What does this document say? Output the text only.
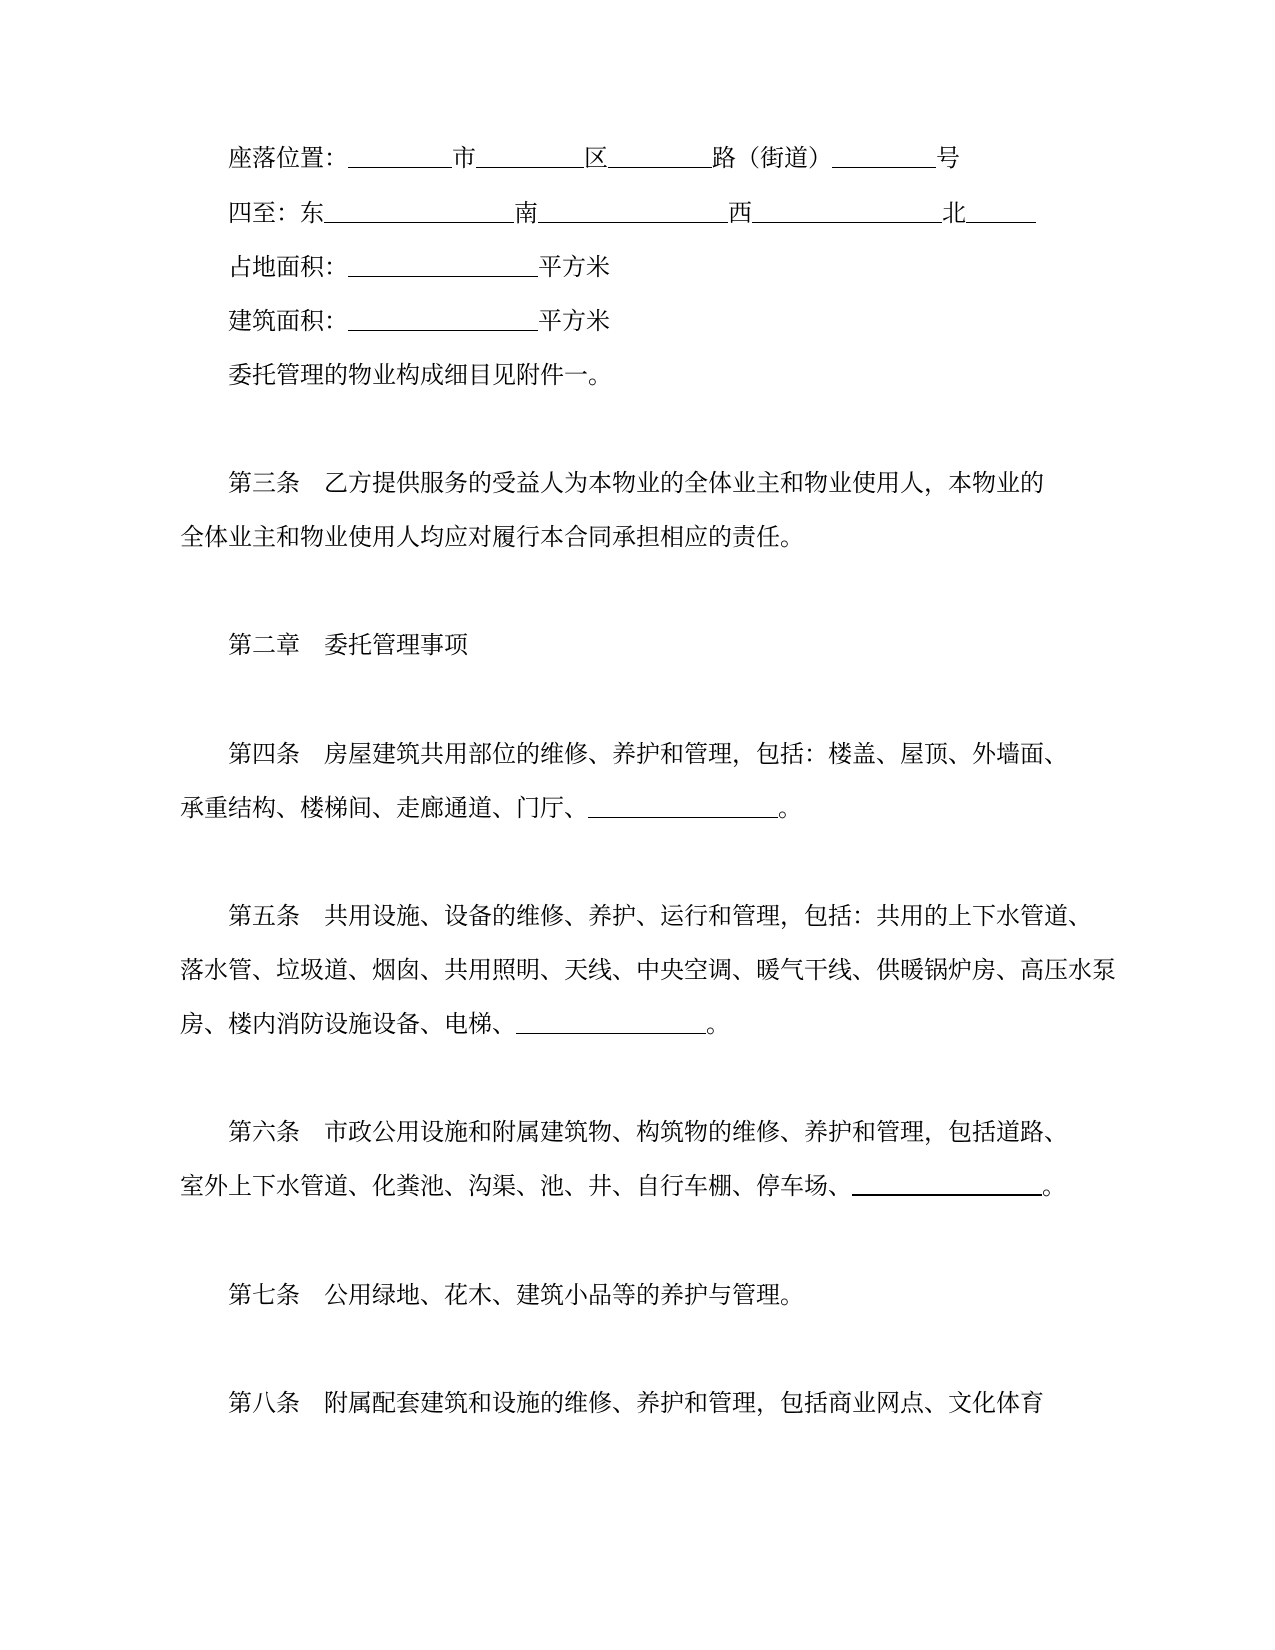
座落位置：	市	区	路（街道）	号
四至：东	南	西	北
占地面积：	平方米
建筑面积：	平方米
委托管理的物业构成细目见附件一。
第三条 乙方提供服务的受益人为本物业的全体业主和物业使用人，本物业的
全体业主和物业使用人均应对履行本合同承担相应的责任。
第二章 委托管理事项
第四条 房屋建筑共用部位的维修、养护和管理，包括：楼盖、屋顶、外墙面、
承重结构、楼梯间、走廊通道、门厅、	。
第五条 共用设施、设备的维修、养护、运行和管理，包括：共用的上下水管道、
落水管、垃圾道、烟囱、共用照明、天线、中央空调、暖气干线、供暖锅炉房、高压水泵
房、楼内消防设施设备、电梯、	。
第六条 市政公用设施和附属建筑物、构筑物的维修、养护和管理，包括道路、
室外上下水管道、化粪池、沟渠、池、井、自行车棚、停车场、	。
第七条 公用绿地、花木、建筑小品等的养护与管理。
第八条 附属配套建筑和设施的维修、养护和管理，包括商业网点、文化体育
